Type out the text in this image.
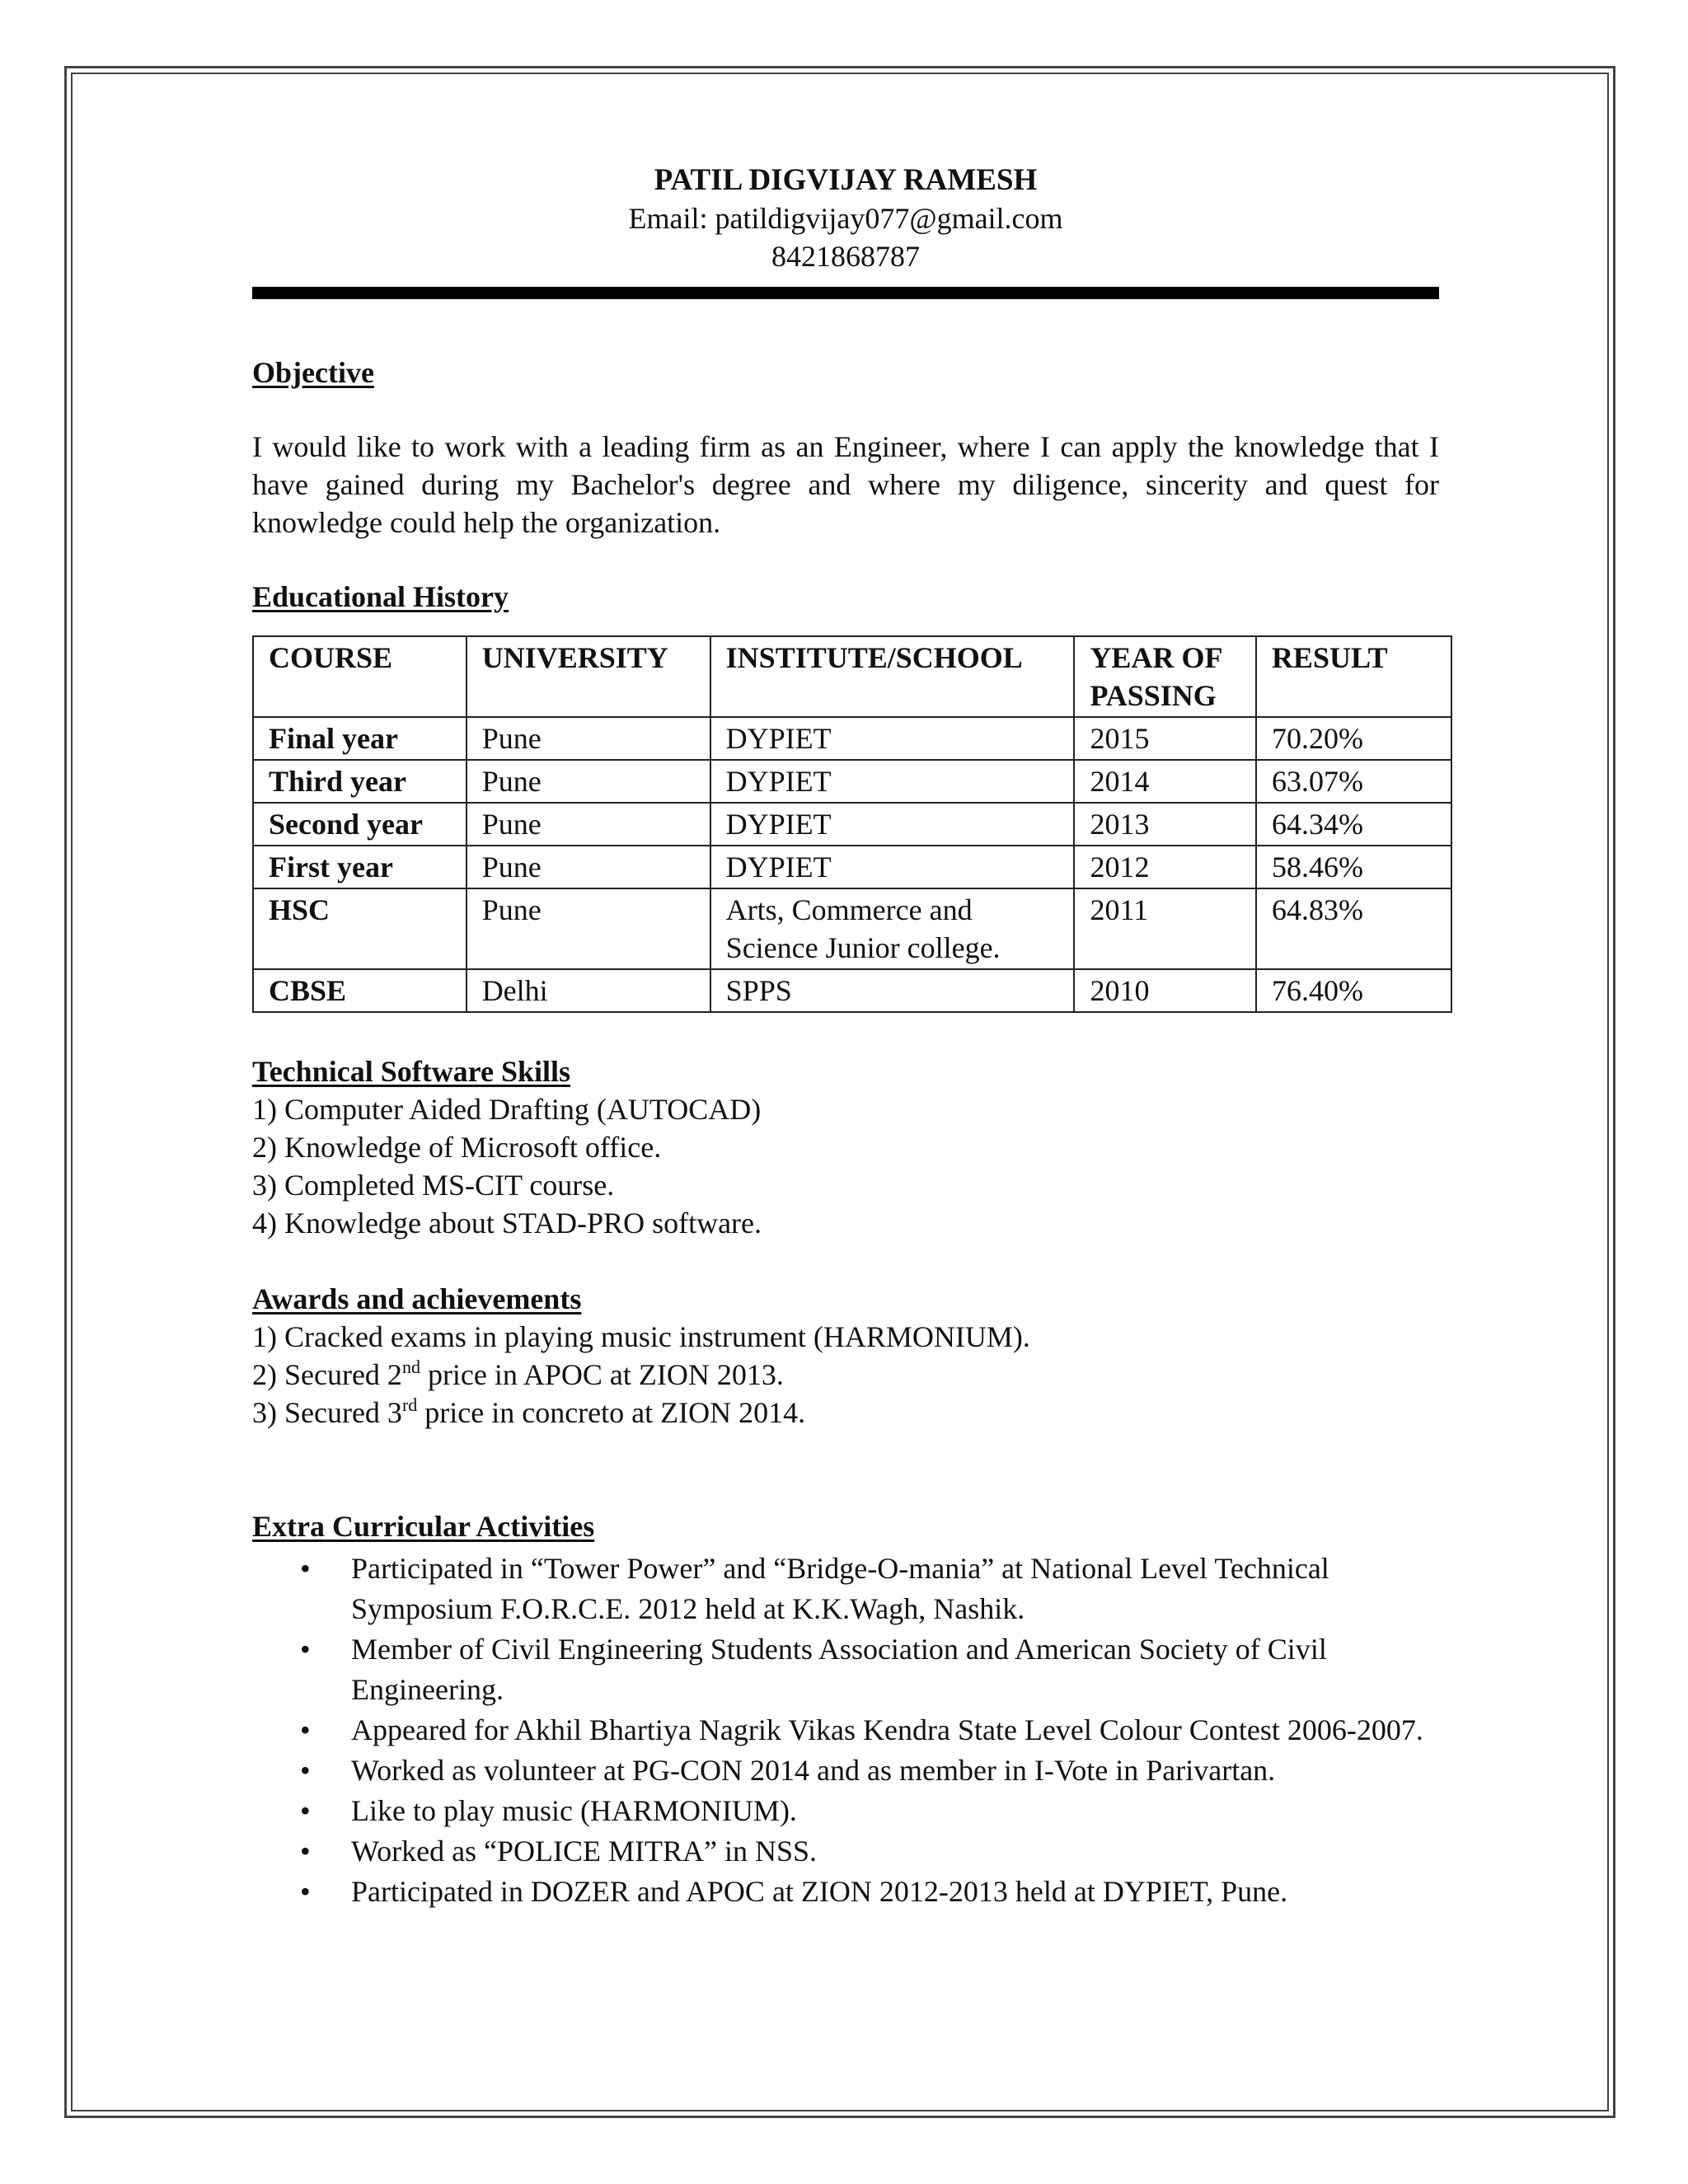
PATIL DIGVIJAY RAMESH
Email: patildigvijay077@gmail.com
8421868787

Objective

I would like to work with a leading firm as an Engineer, where I can apply the knowledge that I have gained during my Bachelor's degree and where my diligence, sincerity and quest for knowledge could help the organization.

Educational History

COURSE	UNIVERSITY	INSTITUTE/SCHOOL	YEAR OF PASSING	RESULT
Final year	Pune	DYPIET	2015	70.20%
Third year	Pune	DYPIET	2014	63.07%
Second year	Pune	DYPIET	2013	64.34%
First year	Pune	DYPIET	2012	58.46%
HSC	Pune	Arts, Commerce and Science Junior college.	2011	64.83%
CBSE	Delhi	SPPS	2010	76.40%

Technical Software Skills

1) Computer Aided Drafting (AUTOCAD)
2) Knowledge of Microsoft office.
3) Completed MS-CIT course.
4) Knowledge about STAD-PRO software.

Awards and achievements

1) Cracked exams in playing music instrument (HARMONIUM).
2) Secured 2nd price in APOC at ZION 2013.
3) Secured 3rd price in concreto at ZION 2014.

Extra Curricular Activities

• Participated in “Tower Power” and “Bridge-O-mania” at National Level Technical Symposium F.O.R.C.E. 2012 held at K.K.Wagh, Nashik.
• Member of Civil Engineering Students Association and American Society of Civil Engineering.
• Appeared for Akhil Bhartiya Nagrik Vikas Kendra State Level Colour Contest 2006-2007.
• Worked as volunteer at PG-CON 2014 and as member in I-Vote in Parivartan.
• Like to play music (HARMONIUM).
• Worked as “POLICE MITRA” in NSS.
• Participated in DOZER and APOC at ZION 2012-2013 held at DYPIET, Pune.
